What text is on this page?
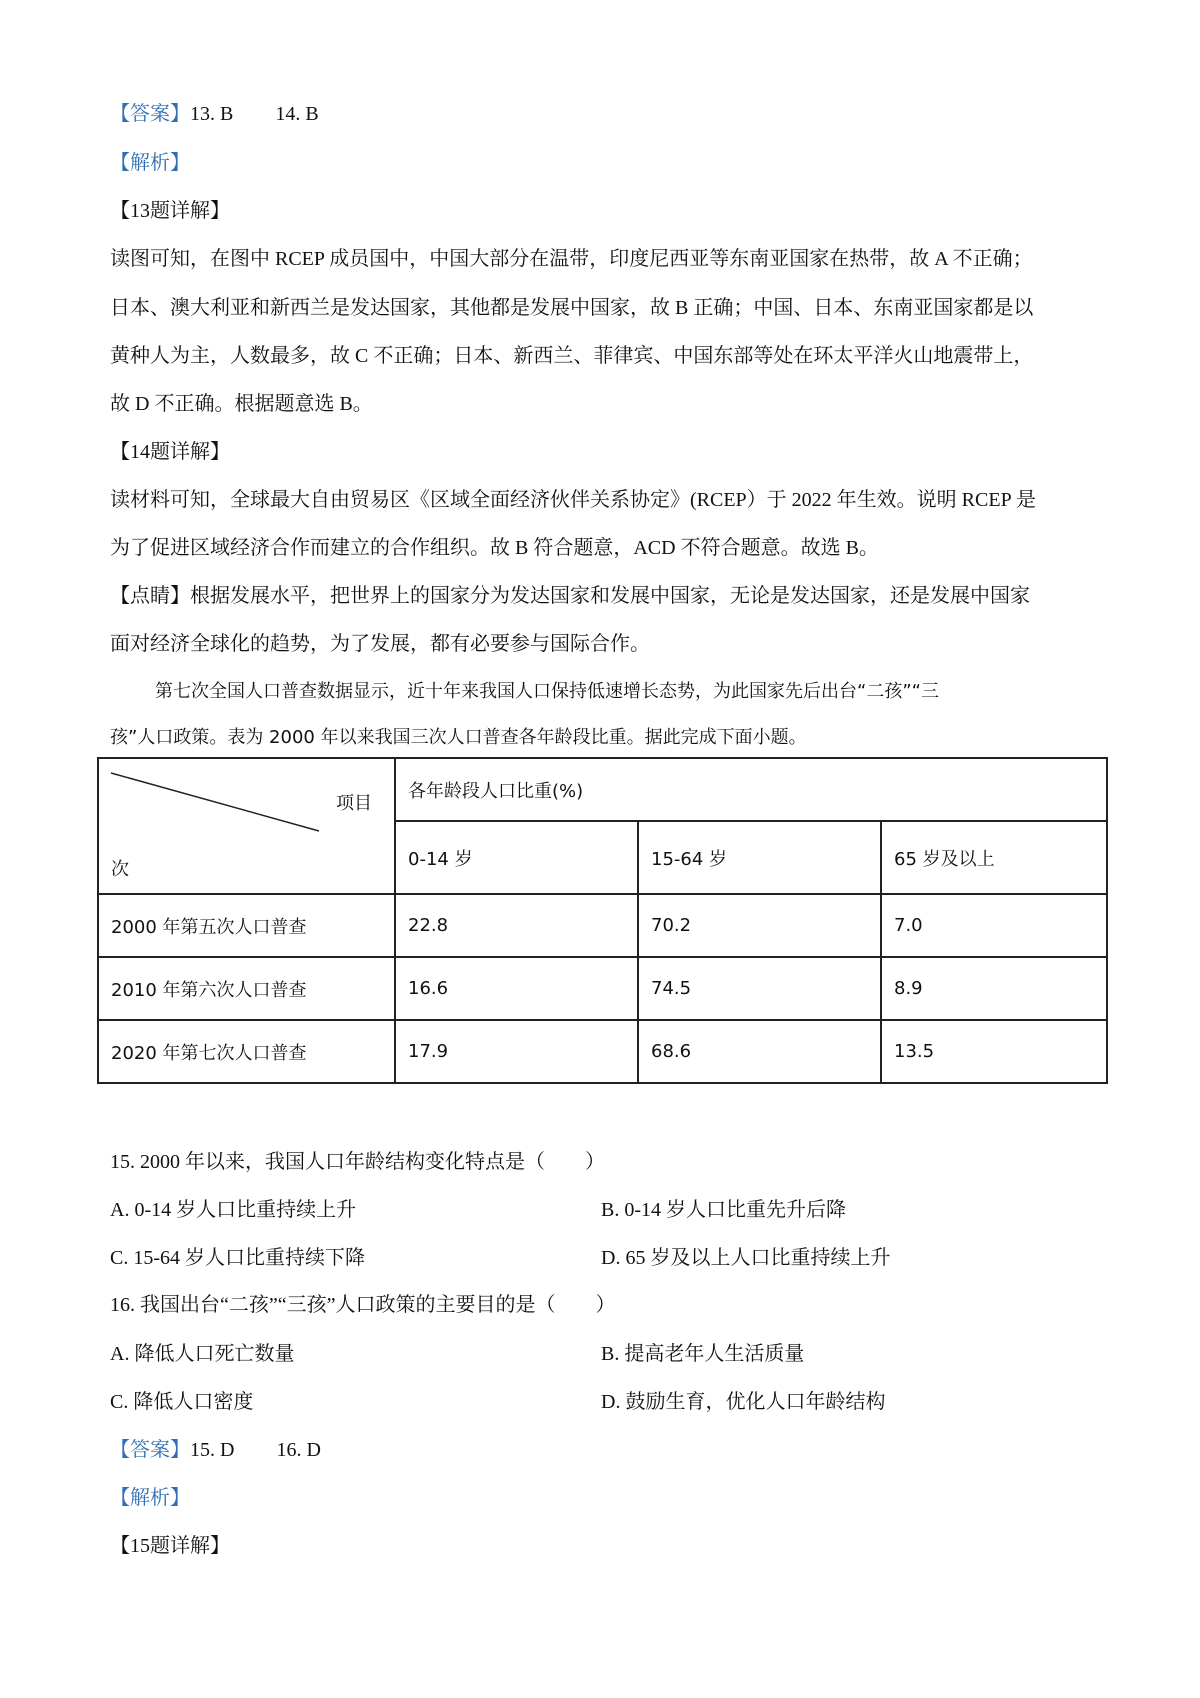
【答案】13. B 14. B
【解析】
【13题详解】
读图可知，在图中 RCEP 成员国中，中国大部分在温带，印度尼西亚等东南亚国家在热带，故 A 不正确；
日本、澳大利亚和新西兰是发达国家，其他都是发展中国家，故 B 正确；中国、日本、东南亚国家都是以
黄种人为主，人数最多，故 C 不正确；日本、新西兰、菲律宾、中国东部等处在环太平洋火山地震带上，
故 D 不正确。根据题意选 B。
【14题详解】
读材料可知，全球最大自由贸易区《区域全面经济伙伴关系协定》(RCEP）于 2022 年生效。说明 RCEP 是
为了促进区域经济合作而建立的合作组织。故 B 符合题意，ACD 不符合题意。故选 B。
【点睛】根据发展水平，把世界上的国家分为发达国家和发展中国家，无论是发达国家，还是发展中国家
面对经济全球化的趋势，为了发展，都有必要参与国际合作。
第七次全国人口普查数据显示，近十年来我国人口保持低速增长态势，为此国家先后出台“二孩”“三
孩”人口政策。表为 2000 年以来我国三次人口普查各年龄段比重。据此完成下面小题。
项目
次	各年龄段人口比重(%)		
	0-14 岁	15-64 岁	65 岁及以上
2000 年第五次人口普查	22.8	70.2	7.0
2010 年第六次人口普查	16.6	74.5	8.9
2020 年第七次人口普查	17.9	68.6	13.5
15. 2000 年以来，我国人口年龄结构变化特点是（　　）
A. 0-14 岁人口比重持续上升	B. 0-14 岁人口比重先升后降
C. 15-64 岁人口比重持续下降	D. 65 岁及以上人口比重持续上升
16. 我国出台“二孩”“三孩”人口政策的主要目的是（　　）
A. 降低人口死亡数量	B. 提高老年人生活质量
C. 降低人口密度	D. 鼓励生育，优化人口年龄结构
【答案】15. D 16. D
【解析】
【15题详解】
